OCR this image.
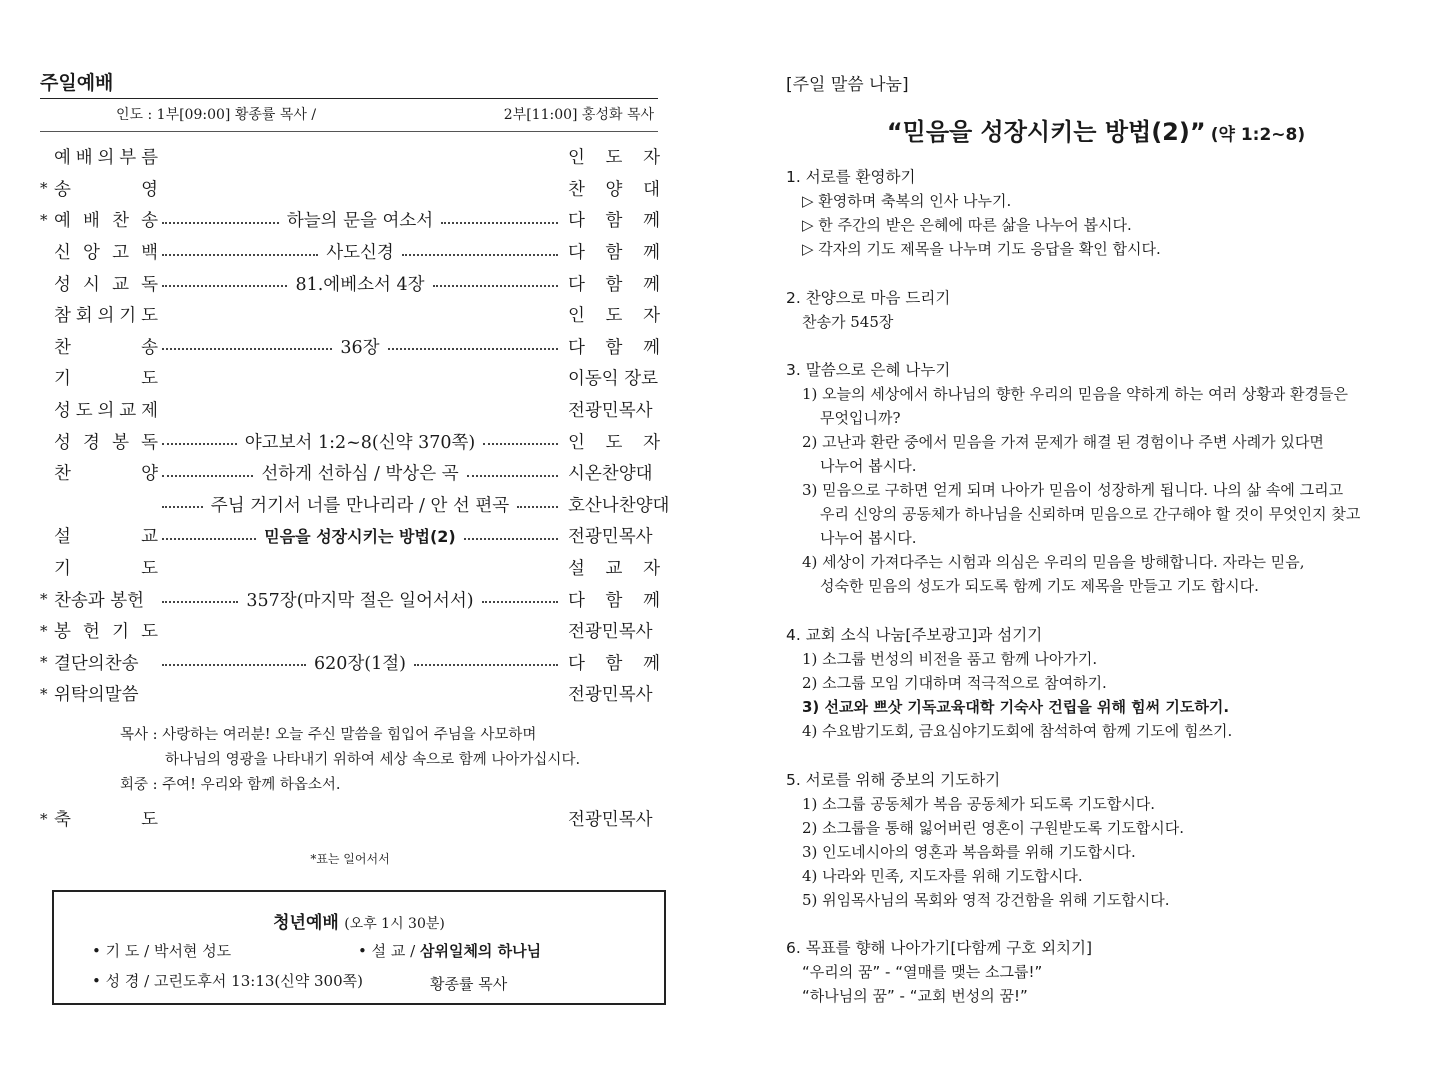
주일예배
인도 : 1부[09:00] 황종률 목사 /	2부[11:00] 홍성화 목사
예 배 의 부 름	인 도 자
* 송	영	찬 양 대
* 예 배 찬 송	하늘의 문을 여소서	다 함 께
신 앙 고 백	사도신경	다 함 께
성 시 교 독	81.에베소서 4장	다 함 께
참 회 의 기 도	인 도 자
찬	송	36장	다 함 께
기	도	이동익 장로
성 도 의 교 제	전광민목사
성 경 봉 독	야고보서 1:2~8(신약 370쪽)	인 도 자
찬	양	선하게 선하심 / 박상은 곡	시온찬양대
주님 거기서 너를 만나리라 / 안 선 편곡	호산나찬양대
설	교	믿음을 성장시키는 방법(2)	전광민목사
기	도	설 교 자
* 찬송과 봉헌	357장(마지막 절은 일어서서)	다 함 께
* 봉 헌 기 도	전광민목사
* 결단의찬송	620장(1절)	다 함 께
* 위탁의말씀	전광민목사
목사 : 사랑하는 여러분! 오늘 주신 말씀을 힘입어 주님을 사모하며
하나님의 영광을 나타내기 위하여 세상 속으로 함께 나아가십시다.
회중 : 주여! 우리와 함께 하옵소서.
* 축	도	전광민목사
*표는 일어서서
청년예배 (오후 1시 30분)
• 기 도 / 박서현 성도	• 설 교 / 삼위일체의 하나님
• 성 경 / 고린도후서 13:13(신약 300쪽)	황종률 목사
[주일 말씀 나눔]
“믿음을 성장시키는 방법(2)” (약 1:2~8)
1. 서로를 환영하기
▷ 환영하며 축복의 인사 나누기.
▷ 한 주간의 받은 은혜에 따른 삶을 나누어 봅시다.
▷ 각자의 기도 제목을 나누며 기도 응답을 확인 합시다.
2. 찬양으로 마음 드리기
찬송가 545장
3. 말씀으로 은혜 나누기
1) 오늘의 세상에서 하나님의 향한 우리의 믿음을 약하게 하는 여러 상황과 환경들은
무엇입니까?
2) 고난과 환란 중에서 믿음을 가져 문제가 해결 된 경험이나 주변 사례가 있다면
나누어 봅시다.
3) 믿음으로 구하면 얻게 되며 나아가 믿음이 성장하게 됩니다. 나의 삶 속에 그리고
우리 신앙의 공동체가 하나님을 신뢰하며 믿음으로 간구해야 할 것이 무엇인지 찾고
나누어 봅시다.
4) 세상이 가져다주는 시험과 의심은 우리의 믿음을 방해합니다. 자라는 믿음,
성숙한 믿음의 성도가 되도록 함께 기도 제목을 만들고 기도 합시다.
4. 교회 소식 나눔[주보광고]과 섬기기
1) 소그룹 번성의 비전을 품고 함께 나아가기.
2) 소그룹 모임 기대하며 적극적으로 참여하기.
3) 선교와 쁘삿 기독교육대학 기숙사 건립을 위해 힘써 기도하기.
4) 수요밤기도회, 금요심야기도회에 참석하여 함께 기도에 힘쓰기.
5. 서로를 위해 중보의 기도하기
1) 소그룹 공동체가 복음 공동체가 되도록 기도합시다.
2) 소그룹을 통해 잃어버린 영혼이 구원받도록 기도합시다.
3) 인도네시아의 영혼과 복음화를 위해 기도합시다.
4) 나라와 민족, 지도자를 위해 기도합시다.
5) 위임목사님의 목회와 영적 강건함을 위해 기도합시다.
6. 목표를 향해 나아가기[다함께 구호 외치기]
“우리의 꿈” - “열매를 맺는 소그룹!”
“하나님의 꿈” - “교회 번성의 꿈!”
